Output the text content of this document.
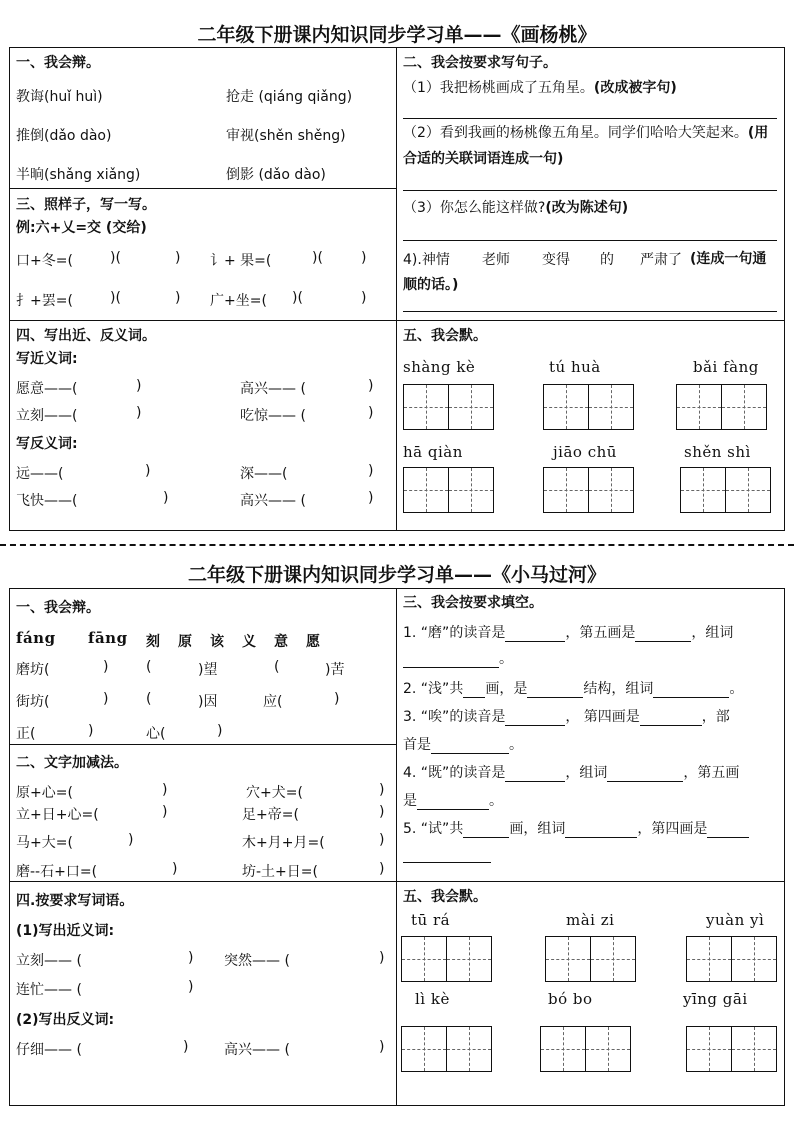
二年级下册课内知识同步学习单——《画杨桃》
一、我会辩。
教诲(huǐ huì)	抢走 (qiáng qiǎng)
推倒(dǎo dào)	审视(shěn shěng)
半晌(shǎng xiǎng)	倒影 (dǎo dào)
三、照样子，写一写。
例:六+乂=交 (交给)
口+冬=(	)(	) 讠+ 果=(	)(	)
扌+罢=(	)(	) 广+坐=( )(	)
四、写出近、反义词。
写近义词:
愿意——(	)	高兴—— (	)
立刻——(	)	吃惊—— (	)
写反义词:
远——(	)	深——(	)
飞快——(	)	高兴—— (	)
二、我会按要求写句子。
（1）我把杨桃画成了五角星。(改成被字句)
（2）看到我画的杨桃像五角星。同学们哈哈大笑起来。(用合适的关联词语连成一句)
（3）你怎么能这样做?(改为陈述句)
4).神情 老师 变得 的 严肃了 (连成一句通顺的话。)
五、我会默。
shàng kè	tú huà	bǎi fàng
hā qiàn	jiāo chū	shěn shì
二年级下册课内知识同步学习单——《小马过河》
一、我会辩。
fáng fāng 刻 原 该 义 意 愿
磨坊(	)	(	)望	(	)苦
街坊(	)	(	)因	应(	)
正(	)	心(	)
二、文字加减法。
原+心=(	)	穴+犬=(	)
立+日+心=(	)	足+帝=(	)
马+大=(	)	木+月+月=(	)
磨--石+口=(	)	坊-土+日=(	)
四.按要求写词语。
(1)写出近义词:
立刻—— (	) 突然—— (	)
连忙—— (	)
(2)写出反义词:
仔细—— (	)	高兴—— (	)
三、我会按要求填空。
1. “磨”的读音是	，第五画是	，组词
。
2. “浅”共 画，是	结构，组词	。
3. “唉”的读音是	， 第四画是	，部
首是	。
4. “既”的读音是	，组词	，第五画
是	。
5. “试”共	画，组词	，第四画是
五、我会默。
tū rá	mài zi	yuàn yì
lì kè	bó bo	yīng gāi
